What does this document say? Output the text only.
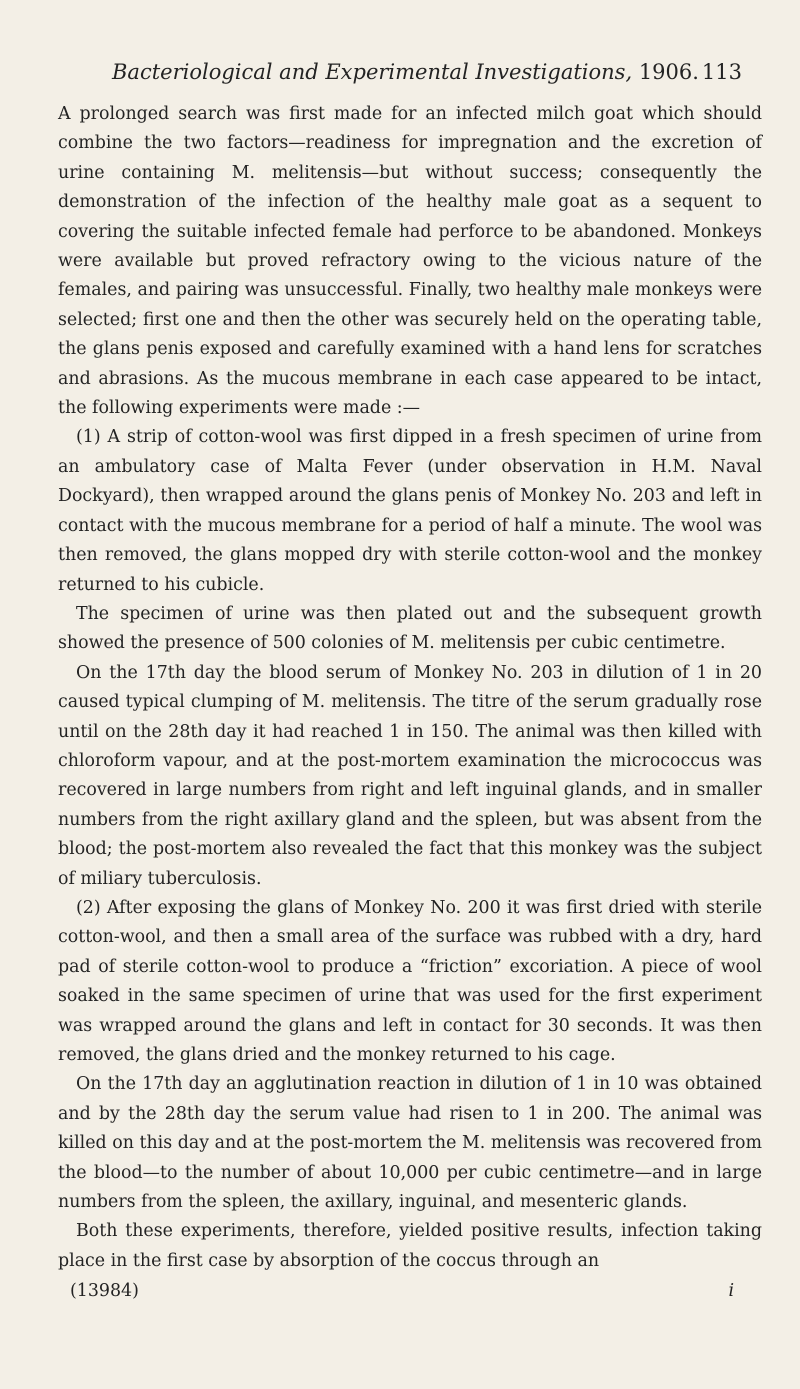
Bacteriological and Experimental Investigations, 1906. 113

A prolonged search was first made for an infected milch goat which should combine the two factors—readiness for impregnation and the excretion of urine containing M. melitensis—but without success; consequently the demonstration of the infection of the healthy male goat as a sequent to covering the suitable infected female had perforce to be abandoned. Monkeys were available but proved refractory owing to the vicious nature of the females, and pairing was unsuccessful. Finally, two healthy male monkeys were selected; first one and then the other was securely held on the operating table, the glans penis exposed and carefully examined with a hand lens for scratches and abrasions. As the mucous membrane in each case appeared to be intact, the following experiments were made :—

(1) A strip of cotton-wool was first dipped in a fresh specimen of urine from an ambulatory case of Malta Fever (under observation in H.M. Naval Dockyard), then wrapped around the glans penis of Monkey No. 203 and left in contact with the mucous membrane for a period of half a minute. The wool was then removed, the glans mopped dry with sterile cotton-wool and the monkey returned to his cubicle.

The specimen of urine was then plated out and the subsequent growth showed the presence of 500 colonies of M. melitensis per cubic centimetre.

On the 17th day the blood serum of Monkey No. 203 in dilution of 1 in 20 caused typical clumping of M. melitensis. The titre of the serum gradually rose until on the 28th day it had reached 1 in 150. The animal was then killed with chloroform vapour, and at the post-mortem examination the micrococcus was recovered in large numbers from right and left inguinal glands, and in smaller numbers from the right axillary gland and the spleen, but was absent from the blood; the post-mortem also revealed the fact that this monkey was the subject of miliary tuberculosis.

(2) After exposing the glans of Monkey No. 200 it was first dried with sterile cotton-wool, and then a small area of the surface was rubbed with a dry, hard pad of sterile cotton-wool to produce a “friction” excoriation. A piece of wool soaked in the same specimen of urine that was used for the first experiment was wrapped around the glans and left in contact for 30 seconds. It was then removed, the glans dried and the monkey returned to his cage.

On the 17th day an agglutination reaction in dilution of 1 in 10 was obtained and by the 28th day the serum value had risen to 1 in 200. The animal was killed on this day and at the post-mortem the M. melitensis was recovered from the blood—to the number of about 10,000 per cubic centimetre—and in large numbers from the spleen, the axillary, inguinal, and mesenteric glands.

Both these experiments, therefore, yielded positive results, infection taking place in the first case by absorption of the coccus through an

(13984)	i
